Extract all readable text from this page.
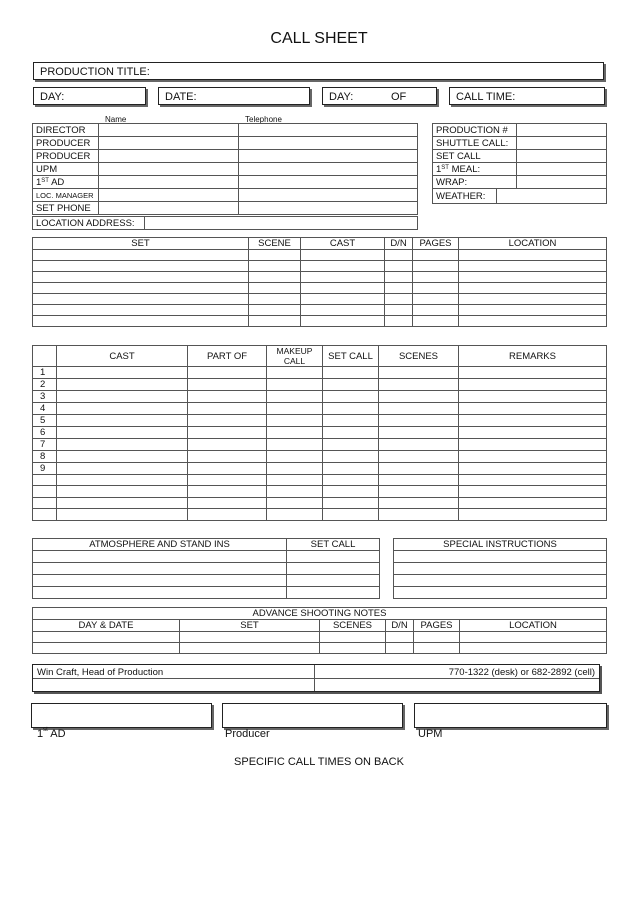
CALL SHEET
PRODUCTION TITLE:
DAY:	DATE:	DAY:	OF	CALL TIME:
Name	Telephone
DIRECTOR		
PRODUCER		
PRODUCER		
UPM		
1ST AD		
LOC. MANAGER		
SET PHONE		
LOCATION ADDRESS:	
PRODUCTION #	
SHUTTLE CALL:	
SET CALL	
1ST MEAL:	
WRAP:	
WEATHER:	
SET	SCENE	CAST	D/N	PAGES	LOCATION

	CAST	PART OF	MAKEUP CALL	SET CALL	SCENES	REMARKS
1						
2						
3						
4						
5						
6						
7						
8						
9						

ATMOSPHERE AND STAND INS	SET CALL

		SPECIAL INSTRUCTIONS

ADVANCE SHOOTING NOTES					
DAY & DATE	SET	SCENES	D/N	PAGES	LOCATION

Win Craft, Head of Production	770-1322 (desk) or 682-2892 (cell)
1st AD	Producer	UPM
SPECIFIC CALL TIMES ON BACK
